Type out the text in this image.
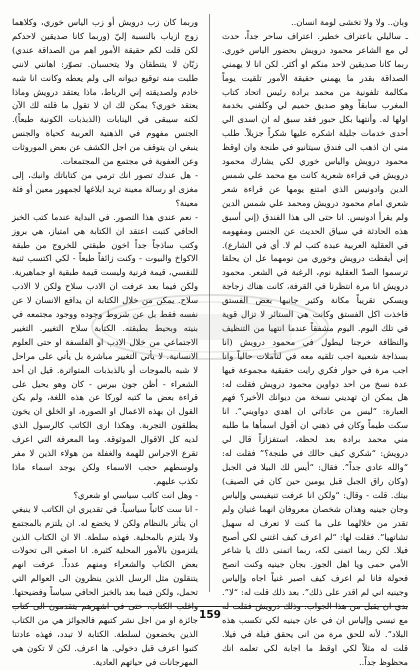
وبان.. ولا ولا تخشى لومة انسان..

ـ ساليلي باعتراف خطير. اعتراف ساحر جداً، حدث لي مع الشاعر محمود درويش بحضور الياس خوري. ربما كانا صديقين لاحد منكم او أكثر. لكن انا لا يهمني الصداقة بقدر ما يهمني حقيقة الأمور تلقيت يوماً مكالمة تلفونية من محمد برادة رئيس اتحاد كتاب المغرب سابقاً وهو صديق حميم لي وكلفني بخدمة اولها له. وأنتهيا بكل حبور فقد سبق له ان اسدى الي أحدى خدمات جليلة اشكره عليها شكراً جزيلاً. طلب مني ان اذهب الى فندق سيتانيو في طنجة وان اوقظ محمود درويش والياس خوري لكي يشارك محمود درويش في قراءة شعرية كانت مع محمد علي شمس الدين وادونيس الذي امتنع يومها عن قراءة شعر شعري امام محمود درويش ومحمد علي شمس الدين ولم يقرأ ادونيس. انا حتى الى هذا الفندق (إني أسبق هذه الحادثة في سياق الحديث عن الجنس ومفهومه في العقلية العربية عبدة كتب لم لا. أي في الشارع). إني أيقظت درويش وخوري من نومهما عل ان يحلقا ترسموا الصدّ العقلية نوم، الرغبة في الشعر. محمود درويش انا مرة انتظرنا في القرفة، كانت هناك زجاجة ويسكي تقريباً مكانة وكثير جانبها بعض الفستق فاخذت اكل الفستق وكانت هي الستائر لا تزال قوية في تلك اليوم. اليوم مشفقاً عندما انتهيا من التنظيف والنظافة خرجنا ليطول في محمود درويش (انا بسذاجة شعبية اجب تلقيه معه في لتأملات حالياً وانا اجب مرة في حوار فكري رايت حقيقية مجموعة فيها عدة نسخ من احد دواوين محمود درويش فقلت له: هل يمكن ان تهديني نسخة من ديوانك الأخير؟ فهم العبارة: “ليس من عاداتي ان اهدي دواويني”. انا سكت طيماً وكان في ذهني ان أقول اسمأها ما طلبه مني محمد برادة بعد لحظة، استفزازاً قال لي درويش: “شكري كيف حالك في طنجة؟” فقلت له: “والله عادي جداً”. فقال: “أيس لك البيلا في الجبل (وكان راق الجبل قبل يومين حين كان في الصيف) بيتك. قلت - وقال: “ولكن انا عرفت تنيفيسي وإلياس وجان جينيه وهذان شخصان معروفان انهما غنيان ولم تقدر من خلالهما على ما كنت لا تعرف له سهيل تشاتهيا”. فقلت لها: “لم اعرف كيف اغتني لكي أصبح فيلا. لكن ربما اتمنى لكه، ربما اتمنى ذلك يا شاعر الأمي حمى ويا اهل الجوز. بجان جينيه وكنت انصح فحولة فانا لم اعرف كيف اصير غنياً اجاه وإلياس وجينيه اني لم اقدر على ذلك”. بعد ذلك قلت له: “لا”. بدي ان يقبل من هذا الجواب. وذلك درويش فقلت له مع تيسي وإلياس ان في عان جينيه لكي تكسب هذه البلاد”. لأنه للحق مرة من انى يحقق فيلة في فيلا. قلت له مثلاً لكي اوقظ ما اجابة لكي تعلمه انك محظوظ جداً..

وربما كان زب درويش أو زب الياس خوري، وكلاهما زوج ازياب بالنسبة إليّ (وربما كانا صديقين لاحدكم لكن قلت لكم حقيقة الأمور اهم من الصداقة عندي) زبّان لا يتنطقان ولا يتحسبان. تصوّر: اهانني لانني طلبت منه توقيع ديوانه الى ولم يعطه وكانت انا شبه خادم ولصديقته إني الرباط، ماذا يعتقد درويش وماذا يعتقد خوري؟ يمكن لك ان لا تقول ما قلته لك الآن لكنه سيبقى في الينابات (الذبذبات الكونية طبعاً). الجنس مفهوم في الذهنية العربية كحياة والجنس ينبغي ان يتوقف من اجل الكشف عن بعض الموروثات وعن العفوية في مجتمع من المجتمعات.

- هل عندك تصور انك ترمي من كتاباتك وانبك، إلى مغزى او رسالة معينة تريد ابلاغها لجمهور معين أو فئة معينة؟

- نعم عندي هذا التصور. في البداية عندما كتب الخبز الحافي كتبت اعتقد ان الكتابة هي امتياز، هي بروز وكتب ساذجاً جداً اخون طبقتي للخروج من طبقة الاكواخ والبيوت - وكنت زائفاً طبعاً - لكي اكتسب ثنية للنفسي، قيمة فرنية وليست قيمة طبقية او جماهيرية. ولكن فيما بعد عرفت ان الادب سلاح ولكن لا الادب سلاح. يمكن من خلال الكتابة ان يدافع الانسان لا عن نفسه فقط بل عن شروط وجوده ووجود مجتمعه في بنيته وبحيط بطبقته. الكتابة سلاح التغيير. التغيير الاجتماعي من خلال الادب او الفلسفة او حتى العلوم الانسانية. لا يأتي التغيير مباشرة بل يأتي على مراحل لا شبه بالموجات أو بالذبذبات المتواترة. قيل ان أحد الشعراء - أظن جون بيرس - كان وهو يحيل على قراءة بعض ما كتبه لوركا عن هذه اللغة، ولم يكن القول ان بهذه الاعمال او الصورة، او الخلق ان يخون يطلقون التجربة. وهكذا ارى الكاتب كالرسول الذي لديه كل الاقوال الموثوقة. وما المعرفة التي اعرف تقرع الاجراس للهمة والغفلة من هولاء الذين لا مفر ولوسطهم حجب الاسماء ولكن يوجد اسماء ماذا تكذب عليهم.

- وهل انت كاتب سياسي او شعري؟

- انا ست كاتباً سياسياً. في تقديري ان الكاتب لا ينبغي ان يتأثر بالنظام ولكن لا يخضع له. ان يلتزم بالمجتمع ولا يلتزم بالمحلية. فهذه سلطة. الا ان الكتاب الذين يلتزمون بالأمور المحلية كثيرة. انا اصغي الى تحولات بعض الكتاب والشعراء ومنهم عدداً. عرفت انهم يتنقلون مثل الرسل الذين ينظرون الى العوالم التي تحمل، ولكن فيما بعد بالخبز الحافي سياساً وفضيحتها. واغلب الكتاب، حتى في اشهرهم يتقدمون الى كتاب جائزة او من اجل نشر كتبهم فالجوائز هي من الكتاب الذين يخضعون لسلطة. الكتابة لا تبدد، فهذه عادتنا كتبوا اعرف قبل دخولي. ها اعرف. لكن لا تكون هي المهرجانات في حياتهم العادية.

159
